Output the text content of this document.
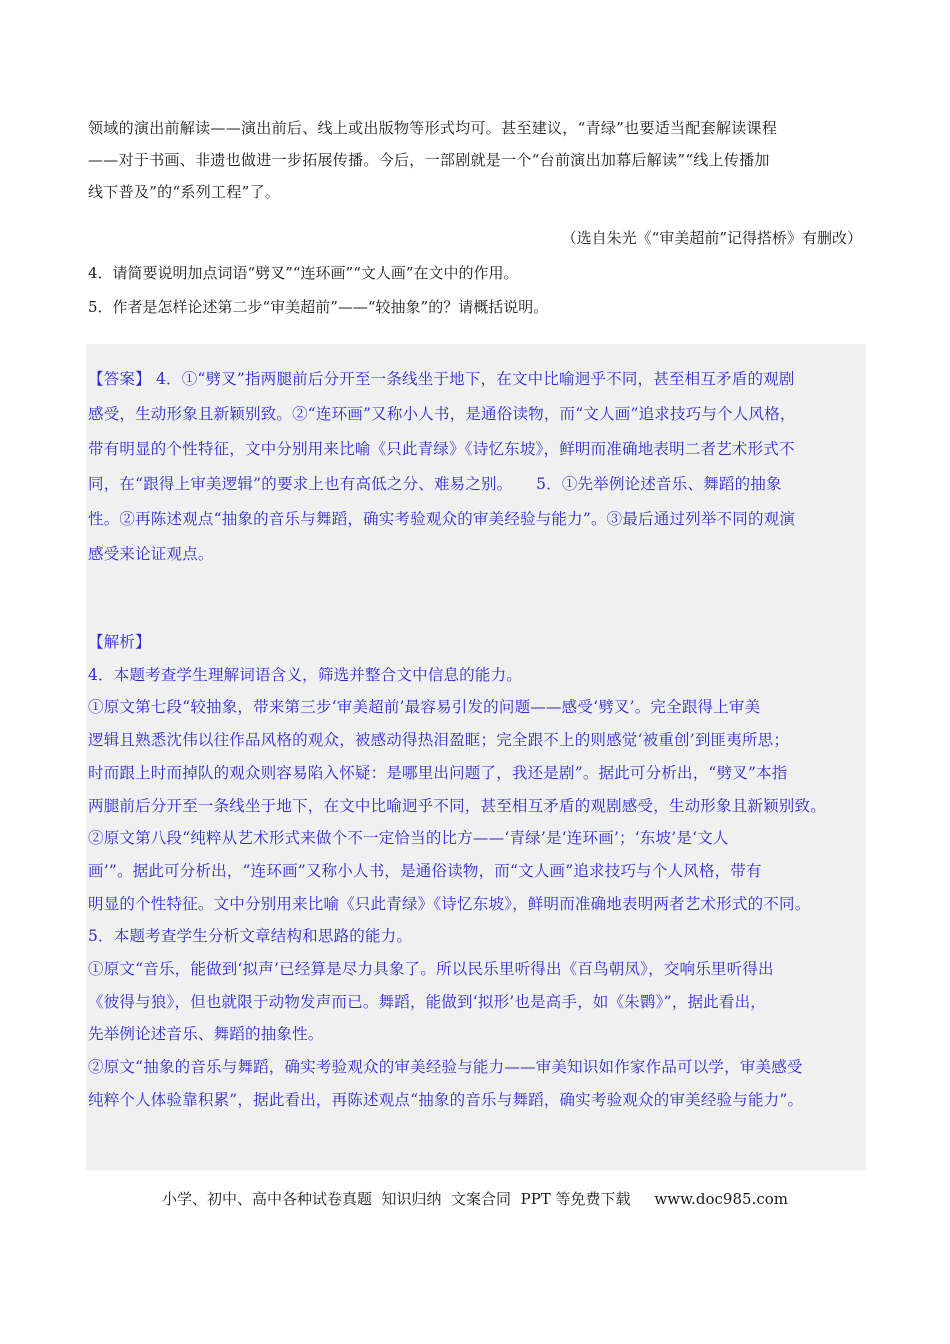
领域的演出前解读——演出前后、线上或出版物等形式均可。甚至建议，“青绿”也要适当配套解读课程

——对于书画、非遗也做进一步拓展传播。今后，一部剧就是一个“台前演出加幕后解读”“线上传播加

线下普及”的“系列工程”了。

（选自朱光《“审美超前”记得搭桥》有删改）

4．请简要说明加点词语“劈叉”“连环画”“文人画”在文中的作用。

5．作者是怎样论述第二步“审美超前”——“较抽象”的？请概括说明。

【答案】 4．①“劈叉”指两腿前后分开至一条线坐于地下，在文中比喻迥乎不同，甚至相互矛盾的观剧

感受，生动形象且新颖别致。②“连环画”又称小人书，是通俗读物，而“文人画”追求技巧与个人风格，

带有明显的个性特征，文中分别用来比喻《只此青绿》《诗忆东坡》，鲜明而准确地表明二者艺术形式不

同，在“跟得上审美逻辑”的要求上也有高低之分、难易之别。　　5．①先举例论述音乐、舞蹈的抽象

性。②再陈述观点“抽象的音乐与舞蹈，确实考验观众的审美经验与能力”。③最后通过列举不同的观演

感受来论证观点。

【解析】

4．本题考查学生理解词语含义，筛选并整合文中信息的能力。

①原文第七段“较抽象，带来第三步‘审美超前’最容易引发的问题——感受‘劈叉’。完全跟得上审美

逻辑且熟悉沈伟以往作品风格的观众，被感动得热泪盈眶；完全跟不上的则感觉‘被重创’到匪夷所思；

时而跟上时而掉队的观众则容易陷入怀疑：是哪里出问题了，我还是剧”。据此可分析出，“劈叉”本指

两腿前后分开至一条线坐于地下，在文中比喻迥乎不同，甚至相互矛盾的观剧感受，生动形象且新颖别致。

②原文第八段“纯粹从艺术形式来做个不一定恰当的比方——‘青绿’是‘连环画’；‘东坡’是‘文人

画’”。据此可分析出，“连环画”又称小人书，是通俗读物，而“文人画”追求技巧与个人风格，带有

明显的个性特征。文中分别用来比喻《只此青绿》《诗忆东坡》，鲜明而准确地表明两者艺术形式的不同。

5．本题考查学生分析文章结构和思路的能力。

①原文“音乐，能做到‘拟声’已经算是尽力具象了。所以民乐里听得出《百鸟朝凤》，交响乐里听得出

《彼得与狼》，但也就限于动物发声而已。舞蹈，能做到‘拟形’也是高手，如《朱鹮》”，据此看出，

先举例论述音乐、舞蹈的抽象性。

②原文“抽象的音乐与舞蹈，确实考验观众的审美经验与能力——审美知识如作家作品可以学，审美感受

纯粹个人体验靠积累”，据此看出，再陈述观点“抽象的音乐与舞蹈，确实考验观众的审美经验与能力”。

小学、初中、高中各种试卷真题  知识归纳  文案合同  PPT 等免费下载     www.doc985.com
